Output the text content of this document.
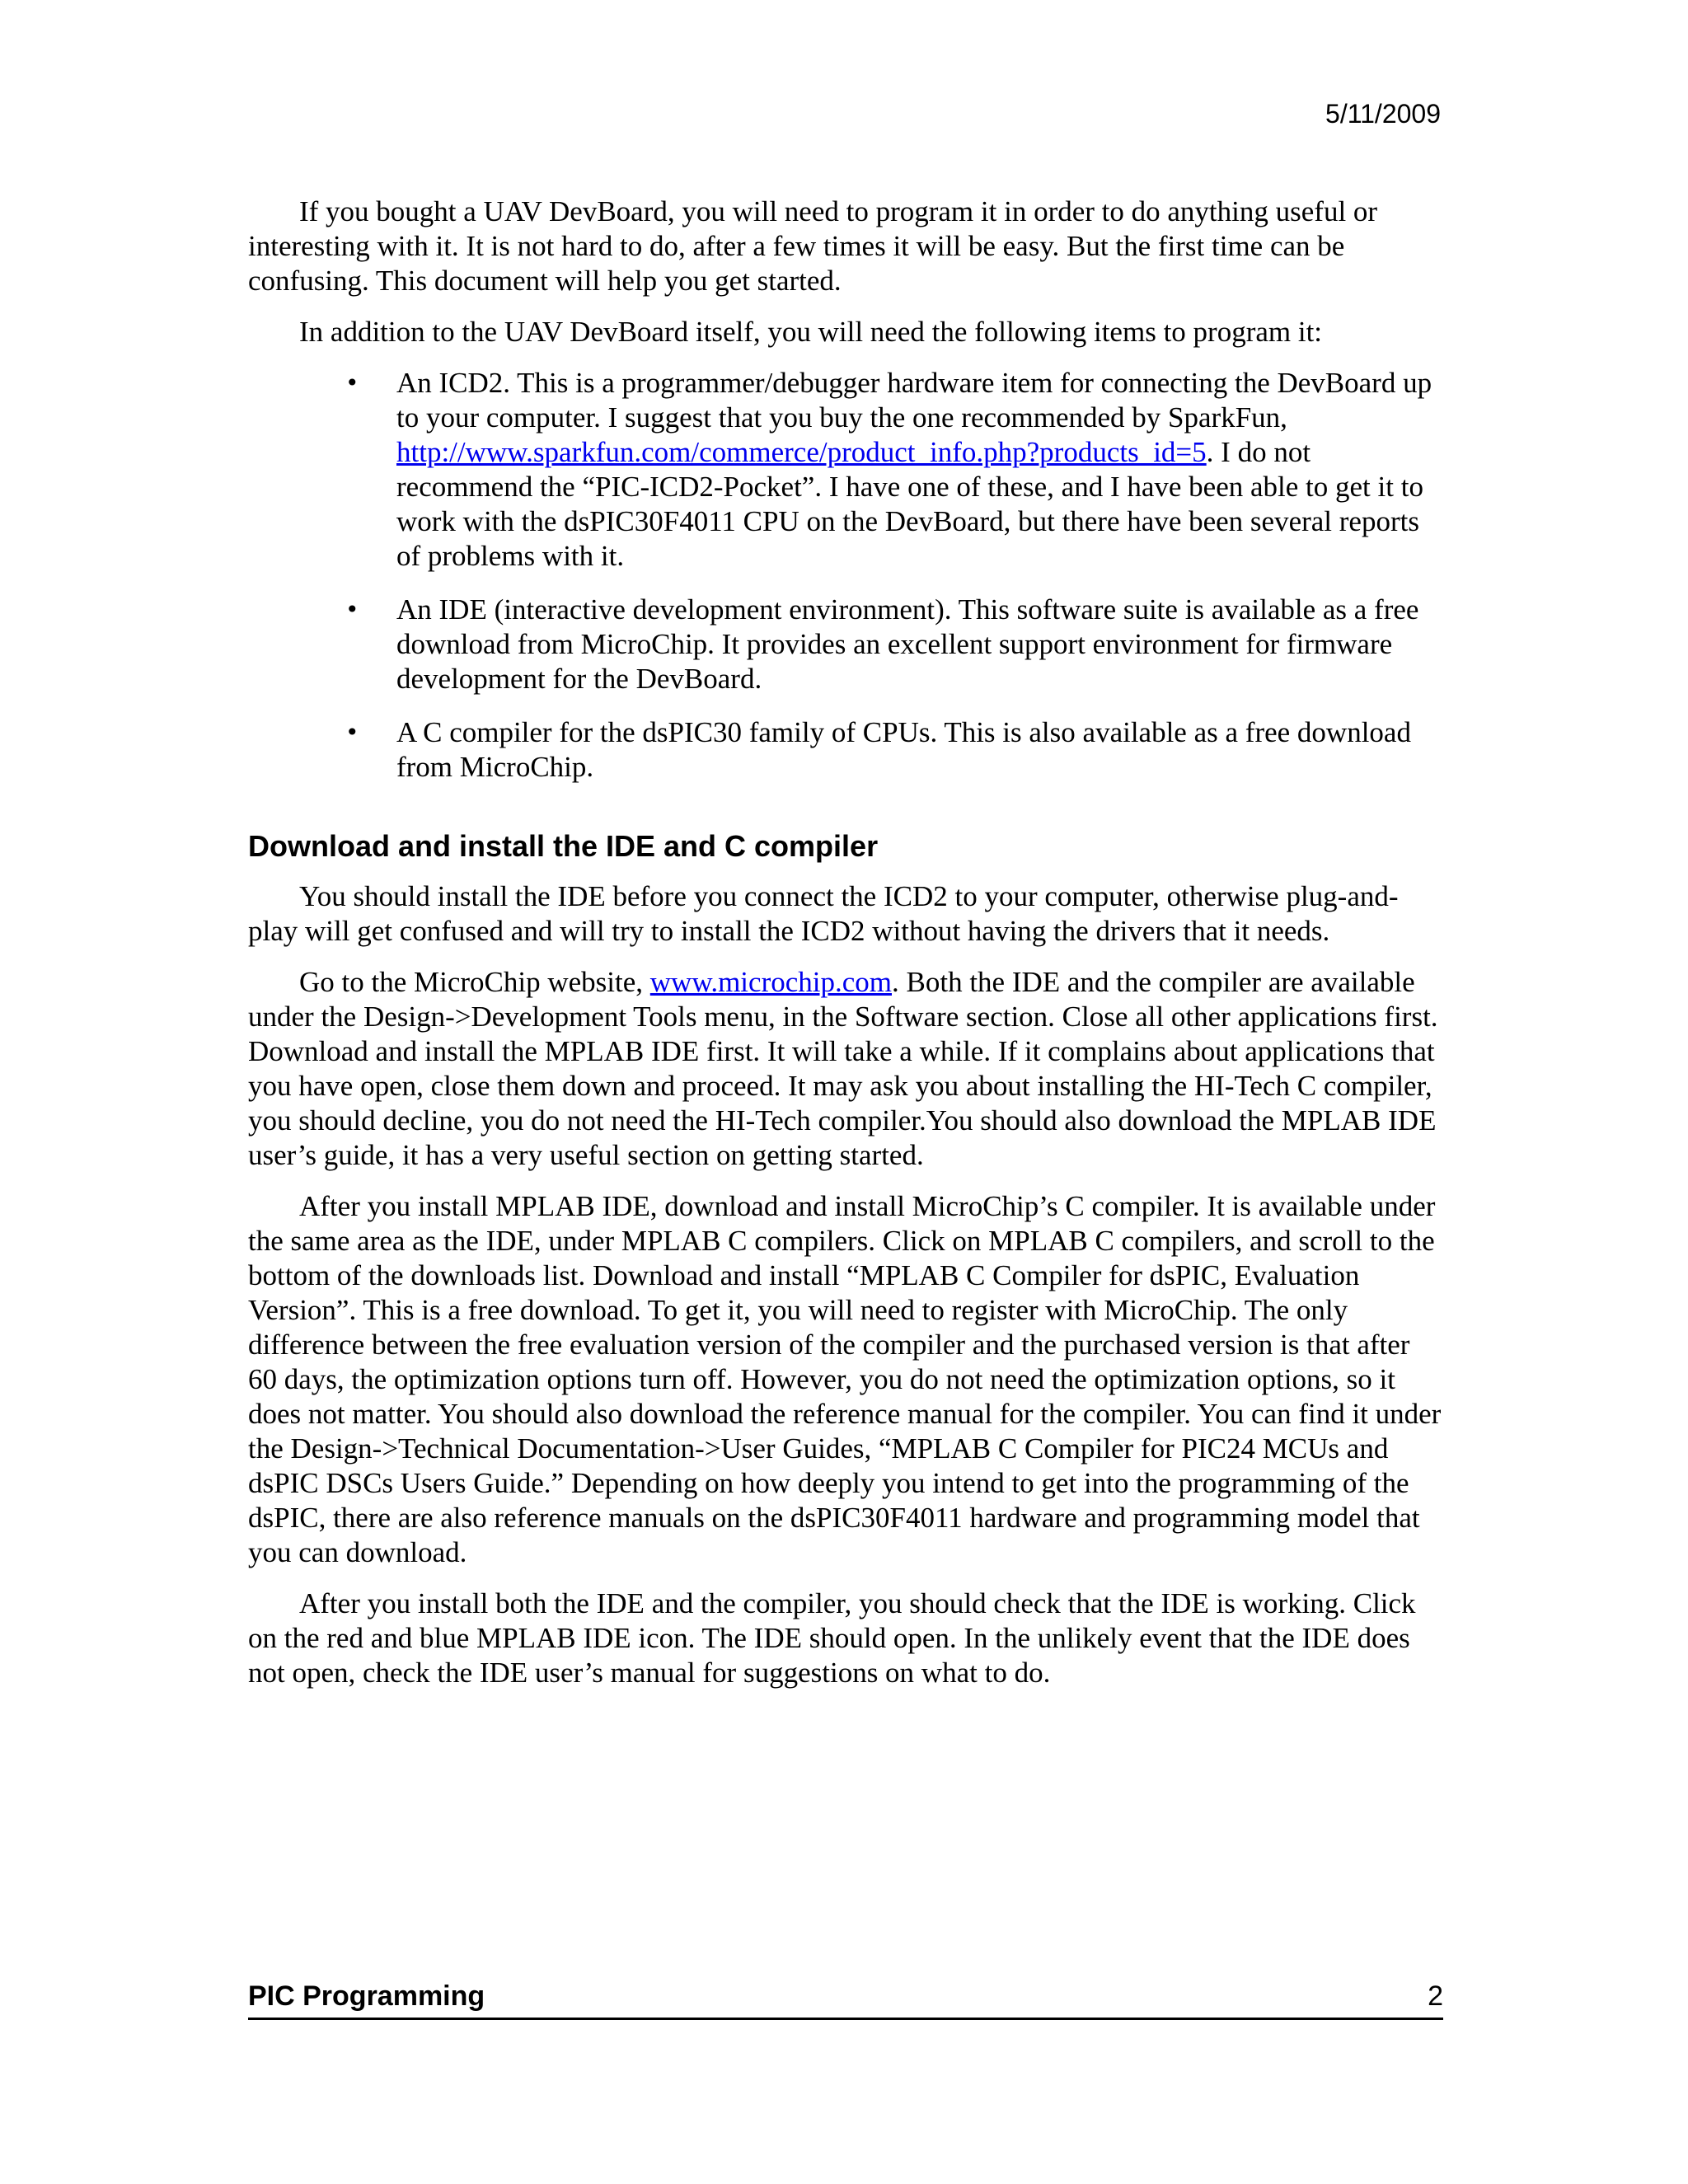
5/11/2009

If you bought a UAV DevBoard, you will need to program it in order to do anything useful or interesting with it. It is not hard to do, after a few times it will be easy. But the first time can be confusing. This document will help you get started.

In addition to the UAV DevBoard itself, you will need the following items to program it:

• An ICD2. This is a programmer/debugger hardware item for connecting the DevBoard up to your computer. I suggest that you buy the one recommended by SparkFun, http://www.sparkfun.com/commerce/product_info.php?products_id=5. I do not recommend the “PIC-ICD2-Pocket”. I have one of these, and I have been able to get it to work with the dsPIC30F4011 CPU on the DevBoard, but there have been several reports of problems with it.
• An IDE (interactive development environment). This software suite is available as a free download from MicroChip. It provides an excellent support environment for firmware development for the DevBoard.
• A C compiler for the dsPIC30 family of CPUs. This is also available as a free download from MicroChip.
Download and install the IDE and C compiler

You should install the IDE before you connect the ICD2 to your computer, otherwise plug-and-play will get confused and will try to install the ICD2 without having the drivers that it needs.

Go to the MicroChip website, www.microchip.com. Both the IDE and the compiler are available under the Design->Development Tools menu, in the Software section. Close all other applications first. Download and install the MPLAB IDE first. It will take a while. If it complains about applications that you have open, close them down and proceed. It may ask you about installing the HI-Tech C compiler, you should decline, you do not need the HI-Tech compiler.You should also download the MPLAB IDE user’s guide, it has a very useful section on getting started.

After you install MPLAB IDE, download and install MicroChip’s C compiler. It is available under the same area as the IDE, under MPLAB C compilers. Click on MPLAB C compilers, and scroll to the bottom of the downloads list. Download and install “MPLAB C Compiler for dsPIC, Evaluation Version”. This is a free download. To get it, you will need to register with MicroChip. The only difference between the free evaluation version of the compiler and the purchased version is that after 60 days, the optimization options turn off. However, you do not need the optimization options, so it does not matter. You should also download the reference manual for the compiler. You can find it under the Design->Technical Documentation->User Guides, “MPLAB C Compiler for PIC24 MCUs and dsPIC DSCs Users Guide.” Depending on how deeply you intend to get into the programming of the dsPIC, there are also reference manuals on the dsPIC30F4011 hardware and programming model that you can download.

After you install both the IDE and the compiler, you should check that the IDE is working. Click on the red and blue MPLAB IDE icon. The IDE should open. In the unlikely event that the IDE does not open, check the IDE user’s manual for suggestions on what to do.

PIC Programming	2
